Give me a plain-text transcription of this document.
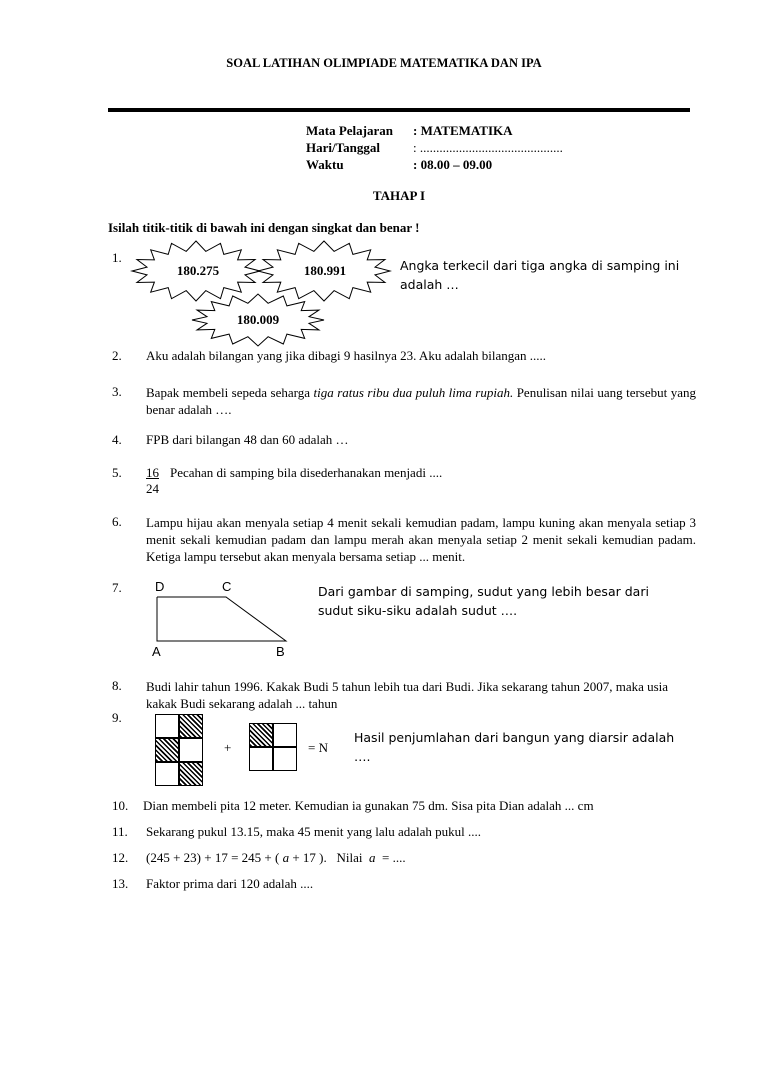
SOAL LATIHAN OLIMPIADE MATEMATIKA DAN IPA
Mata Pelajaran : MATEMATIKA
Hari/Tanggal	: ............................................
Waktu	: 08.00 – 09.00
TAHAP I
Isilah titik-titik di bawah ini dengan singkat dan benar !
1.
180.275	180.991
180.009
Angka terkecil dari tiga angka di samping ini adalah …
2. Aku adalah bilangan yang jika dibagi 9 hasilnya 23. Aku adalah bilangan .....
3. Bapak membeli sepeda seharga tiga ratus ribu dua puluh lima rupiah. Penulisan nilai uang tersebut yang benar adalah ….
4. FPB dari bilangan 48 dan 60 adalah …
5. 16
24
Pecahan di samping bila disederhanakan menjadi ....
6. Lampu hijau akan menyala setiap 4 menit sekali kemudian padam, lampu kuning akan menyala setiap 3 menit sekali kemudian padam dan lampu merah akan menyala setiap 2 menit sekali kemudian padam. Ketiga lampu tersebut akan menyala bersama setiap ... menit.
7.	D	C
A	B
Dari gambar di samping, sudut yang lebih besar dari sudut siku-siku adalah sudut ….
8. Budi lahir tahun 1996. Kakak Budi 5 tahun lebih tua dari Budi. Jika sekarang tahun 2007, maka usia kakak Budi sekarang adalah ... tahun
9.
+	= N
Hasil penjumlahan dari bangun yang diarsir adalah ….
10. Dian membeli pita 12 meter. Kemudian ia gunakan 75 dm. Sisa pita Dian adalah ... cm
11. Sekarang pukul 13.15, maka 45 menit yang lalu adalah pukul ....
12. (245 + 23) + 17 = 245 + ( a + 17 ).   Nilai  a  = ....
13. Faktor prima dari 120 adalah ....
